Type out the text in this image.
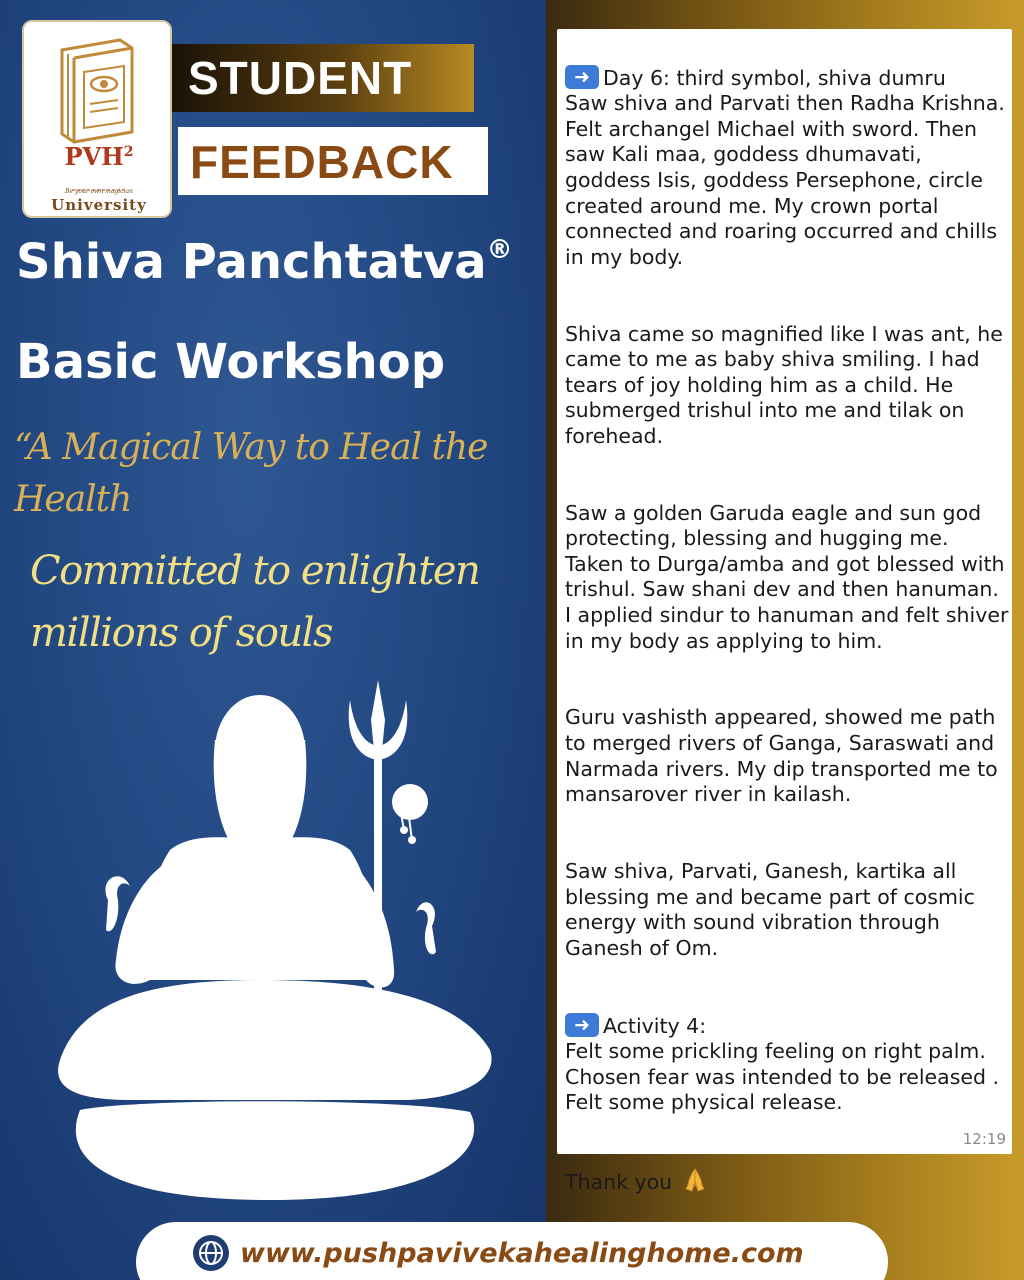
PVH$^2$
Be your own magician
University
STUDENT
FEEDBACK
Shiva Panchtatva®
Basic Workshop
“A Magical Way to Heal the Health
Committed to enlighten millions of souls

➜Day 6: third symbol, shiva dumru
Saw shiva and Parvati then Radha Krishna. Felt archangel Michael with sword. Then saw Kali maa, goddess dhumavati, goddess Isis, goddess Persephone, circle created around me. My crown portal connected and roaring occurred and chills in my body.

Shiva came so magnified like I was ant, he came to me as baby shiva smiling. I had tears of joy holding him as a child. He submerged trishul into me and tilak on forehead.

Saw a golden Garuda eagle and sun god protecting, blessing and hugging me. Taken to Durga/amba and got blessed with trishul. Saw shani dev and then hanuman. I applied sindur to hanuman and felt shiver in my body as applying to him.

Guru vashisth appeared, showed me path to merged rivers of Ganga, Saraswati and Narmada rivers. My dip transported me to mansarover river in kailash.

Saw shiva, Parvati, Ganesh, kartika all blessing me and became part of cosmic energy with sound vibration through Ganesh of Om.

➜Activity 4:
Felt some prickling feeling on right palm. Chosen fear was intended to be released . Felt some physical release.

Thank you

12:19
www.pushpavivekahealinghome.com
